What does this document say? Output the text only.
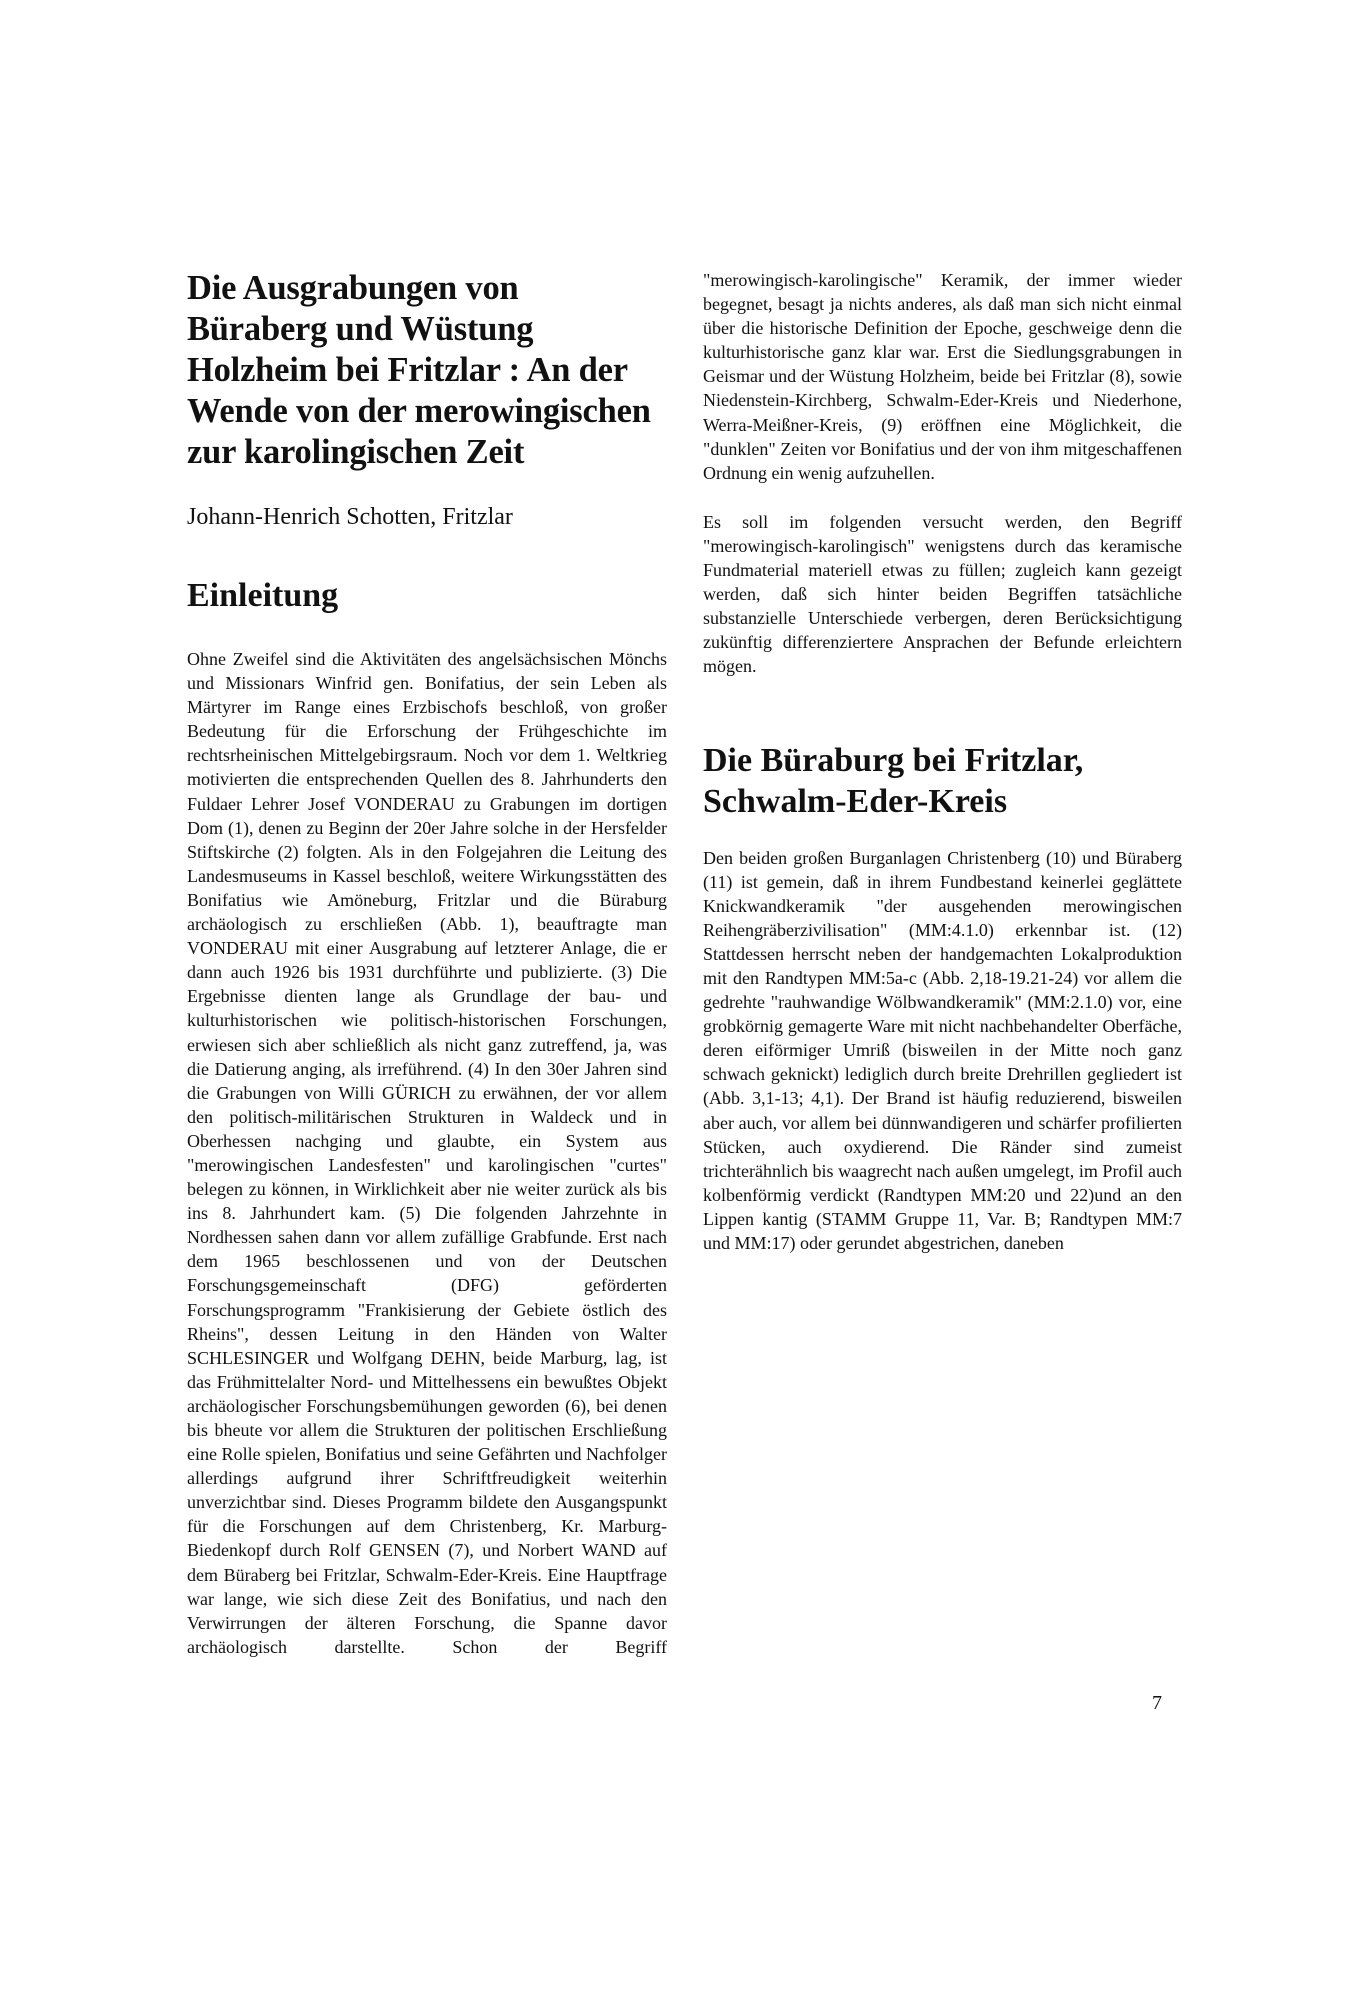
Die Ausgrabungen von Büraberg und Wüstung Holzheim bei Fritzlar : An der Wende von der merowingischen zur karolingischen Zeit

Johann-Henrich Schotten, Fritzlar

Einleitung

Ohne Zweifel sind die Aktivitäten des angelsächsischen Mönchs und Missionars Winfrid gen. Bonifatius, der sein Leben als Märtyrer im Range eines Erzbischofs beschloß, von großer Bedeutung für die Erforschung der Frühgeschichte im rechtsrheinischen Mittelgebirgsraum. Noch vor dem 1. Weltkrieg motivierten die entsprechenden Quellen des 8. Jahrhunderts den Fuldaer Lehrer Josef VONDERAU zu Grabungen im dortigen Dom (1), denen zu Beginn der 20er Jahre solche in der Hersfelder Stiftskirche (2) folgten. Als in den Folgejahren die Leitung des Landesmuseums in Kassel beschloß, weitere Wirkungsstätten des Bonifatius wie Amöneburg, Fritzlar und die Büraburg archäologisch zu erschließen (Abb. 1), beauftragte man VONDERAU mit einer Ausgrabung auf letzterer Anlage, die er dann auch 1926 bis 1931 durchführte und publizierte. (3) Die Ergebnisse dienten lange als Grundlage der bau- und kulturhistorischen wie politisch-historischen Forschungen, erwiesen sich aber schließlich als nicht ganz zutreffend, ja, was die Datierung anging, als irreführend. (4) In den 30er Jahren sind die Grabungen von Willi GÜRICH zu erwähnen, der vor allem den politisch-militärischen Strukturen in Waldeck und in Oberhessen nachging und glaubte, ein System aus "merowingischen Landesfesten" und karolingischen "curtes" belegen zu können, in Wirklichkeit aber nie weiter zurück als bis ins 8. Jahrhundert kam. (5) Die folgenden Jahrzehnte in Nordhessen sahen dann vor allem zufällige Grabfunde. Erst nach dem 1965 beschlossenen und von der Deutschen Forschungsgemeinschaft (DFG) geförderten Forschungsprogramm "Frankisierung der Gebiete östlich des Rheins", dessen Leitung in den Händen von Walter SCHLESINGER und Wolfgang DEHN, beide Marburg, lag, ist das Frühmittelalter Nord- und Mittelhessens ein bewußtes Objekt archäologischer Forschungsbemühungen geworden (6), bei denen bis bheute vor allem die Strukturen der politischen Erschließung eine Rolle spielen, Bonifatius und seine Gefährten und Nachfolger allerdings aufgrund ihrer Schriftfreudigkeit weiterhin unverzichtbar sind. Dieses Programm bildete den Ausgangspunkt für die Forschungen auf dem Christenberg, Kr. Marburg-Biedenkopf durch Rolf GENSEN (7), und Norbert WAND auf dem Büraberg bei Fritzlar, Schwalm-Eder-Kreis. Eine Hauptfrage war lange, wie sich diese Zeit des Bonifatius, und nach den Verwirrungen der älteren Forschung, die Spanne davor archäologisch darstellte. Schon der Begriff

"merowingisch-karolingische" Keramik, der immer wieder begegnet, besagt ja nichts anderes, als daß man sich nicht einmal über die historische Definition der Epoche, geschweige denn die kulturhistorische ganz klar war. Erst die Siedlungsgrabungen in Geismar und der Wüstung Holzheim, beide bei Fritzlar (8), sowie Niedenstein-Kirchberg, Schwalm-Eder-Kreis und Niederhone, Werra-Meißner-Kreis, (9) eröffnen eine Möglichkeit, die "dunklen" Zeiten vor Bonifatius und der von ihm mitgeschaffenen Ordnung ein wenig aufzuhellen.

Es soll im folgenden versucht werden, den Begriff "merowingisch-karolingisch" wenigstens durch das keramische Fundmaterial materiell etwas zu füllen; zugleich kann gezeigt werden, daß sich hinter beiden Begriffen tatsächliche substanzielle Unterschiede verbergen, deren Berücksichtigung zukünftig differenziertere Ansprachen der Befunde erleichtern mögen.

Die Büraburg bei Fritzlar, Schwalm-Eder-Kreis

Den beiden großen Burganlagen Christenberg (10) und Büraberg (11) ist gemein, daß in ihrem Fundbestand keinerlei geglättete Knickwandkeramik "der ausgehenden merowingischen Reihengräberzivilisation" (MM:4.1.0) erkennbar ist. (12) Stattdessen herrscht neben der handgemachten Lokalproduktion mit den Randtypen MM:5a-c (Abb. 2,18-19.21-24) vor allem die gedrehte "rauhwandige Wölbwandkeramik" (MM:2.1.0) vor, eine grobkörnig gemagerte Ware mit nicht nachbehandelter Oberfäche, deren eiförmiger Umriß (bisweilen in der Mitte noch ganz schwach geknickt) lediglich durch breite Drehrillen gegliedert ist (Abb. 3,1-13; 4,1). Der Brand ist häufig reduzierend, bisweilen aber auch, vor allem bei dünnwandigeren und schärfer profilierten Stücken, auch oxydierend. Die Ränder sind zumeist trichterähnlich bis waagrecht nach außen umgelegt, im Profil auch kolbenförmig verdickt (Randtypen MM:20 und 22)und an den Lippen kantig (STAMM Gruppe 11, Var. B; Randtypen MM:7 und MM:17) oder gerundet abgestrichen, daneben

7
